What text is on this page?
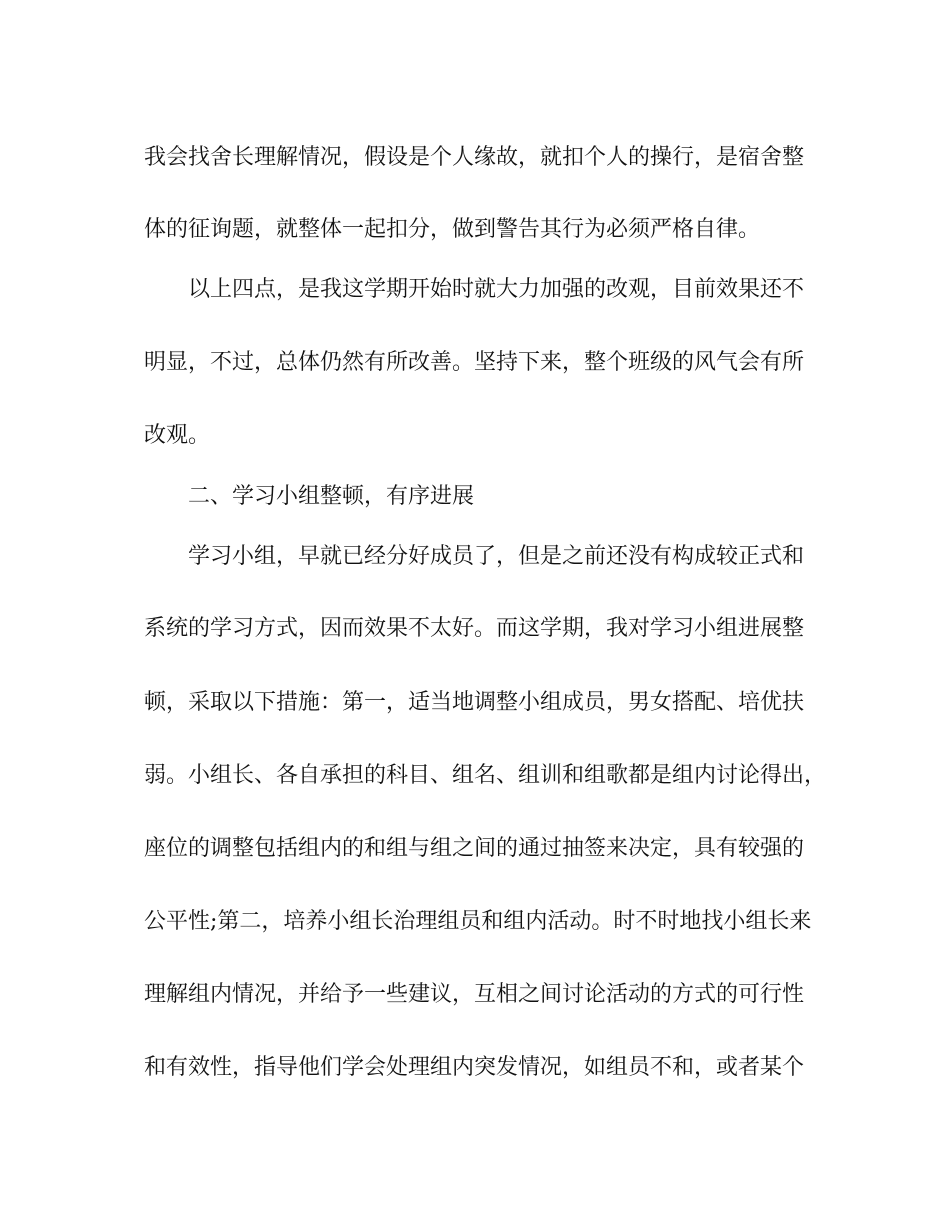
我会找舍长理解情况，假设是个人缘故，就扣个人的操行，是宿舍整

体的征询题，就整体一起扣分，做到警告其行为必须严格自律。

以上四点，是我这学期开始时就大力加强的改观，目前效果还不

明显，不过，总体仍然有所改善。坚持下来，整个班级的风气会有所

改观。

二、学习小组整顿，有序进展

学习小组，早就已经分好成员了，但是之前还没有构成较正式和

系统的学习方式，因而效果不太好。而这学期，我对学习小组进展整

顿，采取以下措施：第一，适当地调整小组成员，男女搭配、培优扶

弱。小组长、各自承担的科目、组名、组训和组歌都是组内讨论得出，

座位的调整包括组内的和组与组之间的通过抽签来决定，具有较强的

公平性;第二，培养小组长治理组员和组内活动。时不时地找小组长来

理解组内情况，并给予一些建议，互相之间讨论活动的方式的可行性

和有效性，指导他们学会处理组内突发情况，如组员不和，或者某个
